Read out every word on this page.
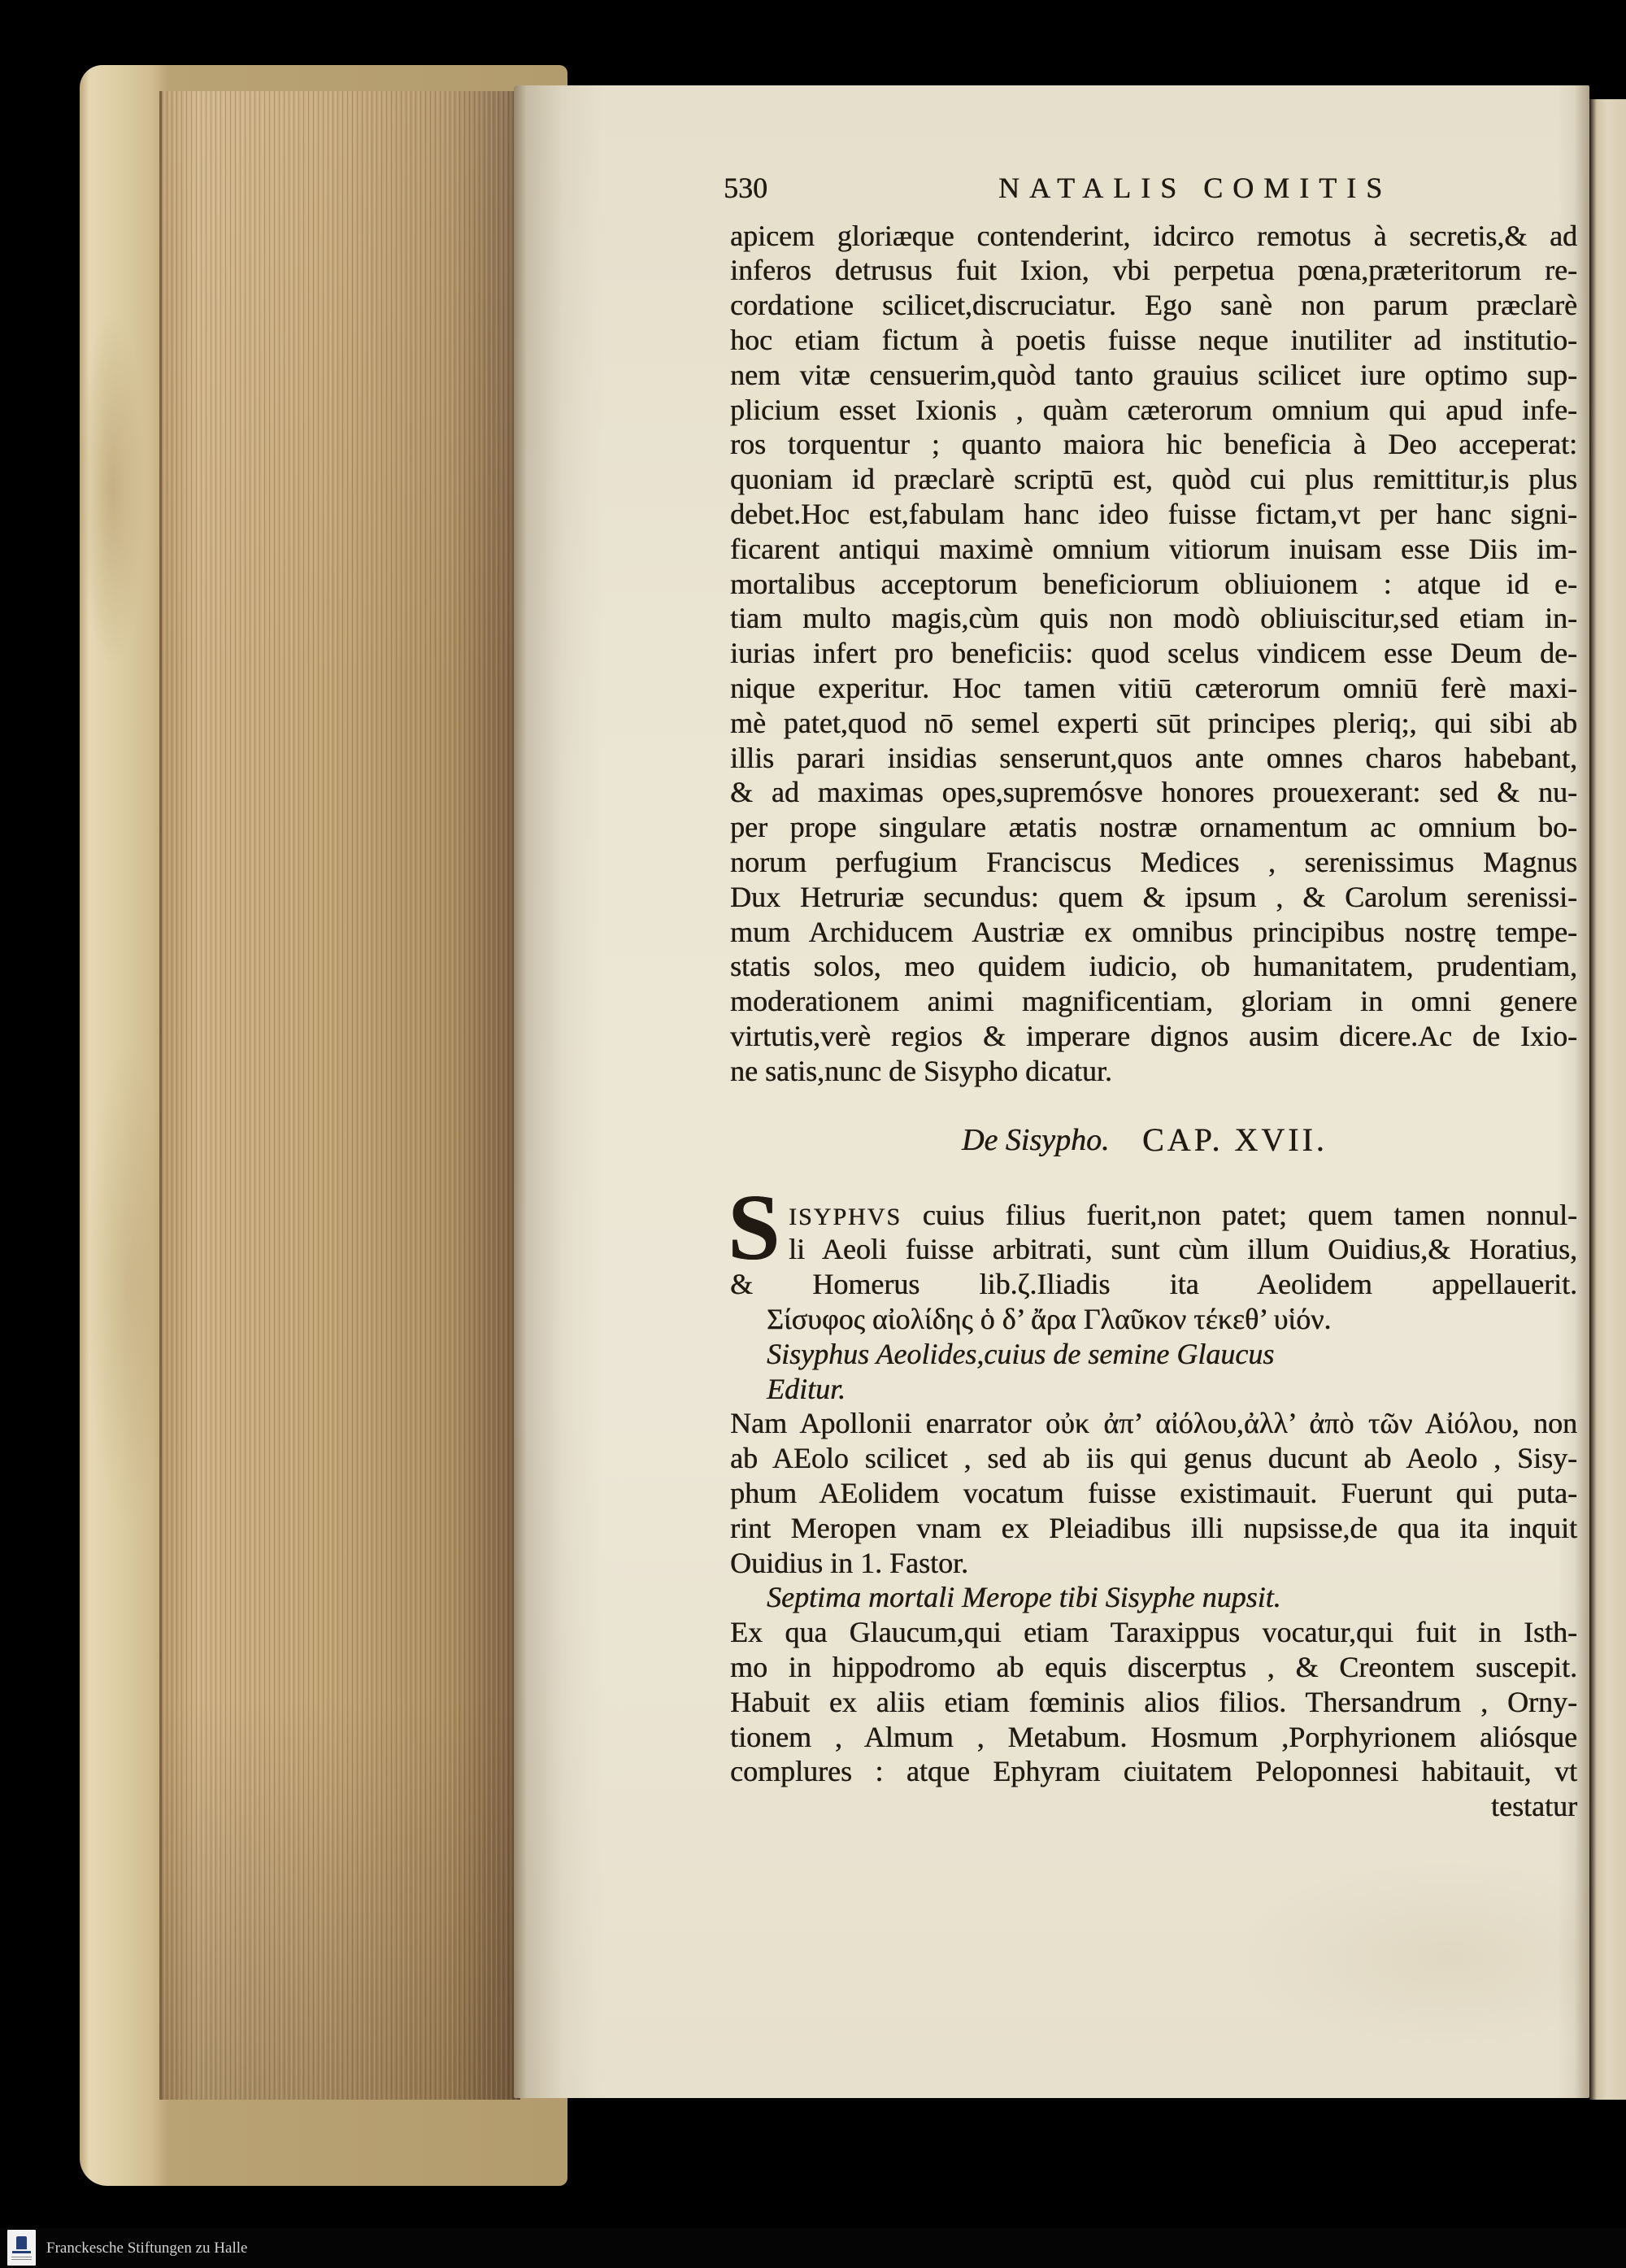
530	NATALIS COMITIS
apicem gloriæque contenderint, idcirco remotus à secretis,& ad
inferos detrusus fuit Ixion, vbi perpetua pœna,præteritorum re-
cordatione scilicet,discruciatur. Ego sanè non parum præclarè
hoc etiam fictum à poetis fuisse neque inutiliter ad institutio-
nem vitæ censuerim,quòd tanto grauius scilicet iure optimo sup-
plicium esset Ixionis , quàm cæterorum omnium qui apud infe-
ros torquentur ; quanto maiora hic beneficia à Deo acceperat:
quoniam id præclarè scriptū est, quòd cui plus remittitur,is plus
debet.Hoc est,fabulam hanc ideo fuisse fictam,vt per hanc signi-
ficarent antiqui maximè omnium vitiorum inuisam esse Diis im-
mortalibus acceptorum beneficiorum obliuionem : atque id e-
tiam multo magis,cùm quis non modò obliuiscitur,sed etiam in-
iurias infert pro beneficiis: quod scelus vindicem esse Deum de-
nique experitur. Hoc tamen vitiū cæterorum omniū ferè maxi-
mè patet,quod nō semel experti sūt principes pleriq;, qui sibi ab
illis parari insidias senserunt,quos ante omnes charos habebant,
& ad maximas opes,supremósve honores prouexerant: sed & nu-
per prope singulare ætatis nostræ ornamentum ac omnium bo-
norum perfugium Franciscus Medices , serenissimus Magnus
Dux Hetruriæ secundus: quem & ipsum , & Carolum serenissi-
mum Archiducem Austriæ ex omnibus principibus nostrę tempe-
statis solos, meo quidem iudicio, ob humanitatem, prudentiam,
moderationem animi magnificentiam, gloriam in omni genere
virtutis,verè regios & imperare dignos ausim dicere.Ac de Ixio-
ne satis,nunc de Sisypho dicatur.
De Sisypho. CAP. XVII.
S ISYPHVS cuius filius fuerit,non patet; quem tamen nonnul-
li Aeoli fuisse arbitrati, sunt cùm illum Ouidius,& Horatius,
& Homerus lib.ζ.Iliadis ita Aeolidem appellauerit.
Σίσυφος αἰολίδης ὁ δ’ ἄρα Γλαῦκον τέκεθ’ υἱόν.
Sisyphus Aeolides,cuius de semine Glaucus
Editur.
Nam Apollonii enarrator οὐκ ἀπ’ αἰόλου,ἀλλ’ ἀπὸ τῶν Αἰόλου, non
ab AEolo scilicet , sed ab iis qui genus ducunt ab Aeolo , Sisy-
phum AEolidem vocatum fuisse existimauit. Fuerunt qui puta-
rint Meropen vnam ex Pleiadibus illi nupsisse,de qua ita inquit
Ouidius in 1. Fastor.
Septima mortali Merope tibi Sisyphe nupsit.
Ex qua Glaucum,qui etiam Taraxippus vocatur,qui fuit in Isth-
mo in hippodromo ab equis discerptus , & Creontem suscepit.
Habuit ex aliis etiam fœminis alios filios. Thersandrum , Orny-
tionem , Almum , Metabum. Hosmum ,Porphyrionem aliósque
complures : atque Ephyram ciuitatem Peloponnesi habitauit, vt
testatur
Franckesche Stiftungen zu Halle
